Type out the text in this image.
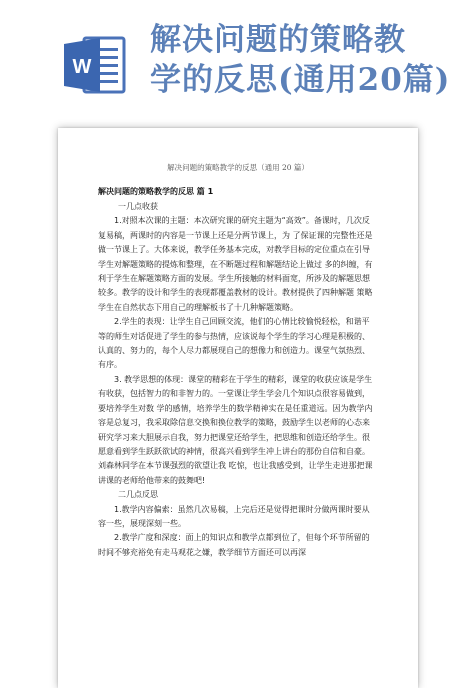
W
解决问题的策略教
学的反思(通用20篇)
解决问题的策略教学的反思（通用 20 篇）
解决问题的策略教学的反思 篇 1

一几点收获

1.对照本次课的主题：本次研究课的研究主题为“高效”。备课时，几次反复易稿，两课时的内容是一节课上还是分两节课上，为 了保证课的完整性还是做一节课上了。大体来说，教学任务基本完成，对教学目标的定位重点在引导学生对解题策略的提炼和整理，在不断题过程和解题结论上做过 多的纠缠，有利于学生在解题策略方面的发展。学生所接触的材料面宽，所涉及的解题思想较多。教学的设计和学生的表现都覆盖教材的设计。教材提供了四种解题 策略学生在自然状态下用自己的理解板书了十几种解题策略。

2.学生的表现：让学生自己回顾交流，他们的心情比较愉悦轻松，和谐平等的师生对话促进了学生的参与热情，应该说每个学生的学习心理是积极的、认真的、努力的，每个人尽力都展现自己的想像力和创造力。课堂气氛热烈、 有序。

3. 教学思想的体现：课堂的精彩在于学生的精彩，课堂的收获应该是学生有收获，包括智力的和非智力的。一堂课让学生学会几个知识点很容易做到，要培养学生对数 学的感情，培养学生的数学精神实在是任重道远。因为教学内容是总复习，我采取除信息交换和换位教学的策略，鼓励学生以老师的心态来研究学习来大胆展示自我，努力把课堂还给学生，把思维和创造还给学生。很愿意看到学生跃跃欲试的神情，很高兴看到学生冲上讲台的那份自信和自豪。刘森林同学在本节课强烈的欲望让我 吃惊，也让我感受到，让学生走进那把课讲课的老师给他带来的鼓舞吧!

二几点反思

1.教学内容偏索：虽然几次易稿，上完后还是觉得把课时分做两课时要从容一些，展现深刻一些。

2.教学广度和深度：面上的知识点和教学点都到位了，但每个环节所留的时间不够充裕免有走马观花之嫌，教学细节方面还可以再深
